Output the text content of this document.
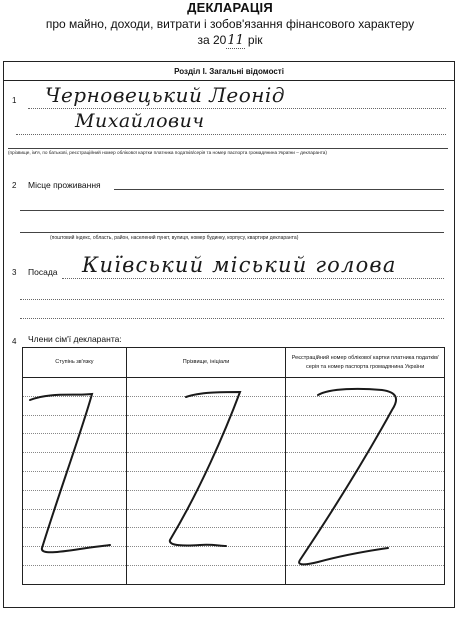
ДЕКЛАРАЦІЯ
про майно, доходи, витрати і зобов'язання фінансового характеру
за 2011 рік
Розділ І. Загальні відомості
1 Черновецький Леонід
Михайлович
(прізвище, ім'я, по батькові, реєстраційний номер облікової картки платника податків/серія та номер паспорта громадянина України – декларанта)
2 Місце проживання
(поштовий індекс, область, район, населений пункт, вулиця, номер будинку, корпусу, квартири декларанта)
3 Посада Київський міський голова
4 Члени сім'ї декларанта:
Ступінь зв'язку	Прізвище, ініціали	Реєстраційний номер облікової картки платника податків/серія та номер паспорта громадянина України
